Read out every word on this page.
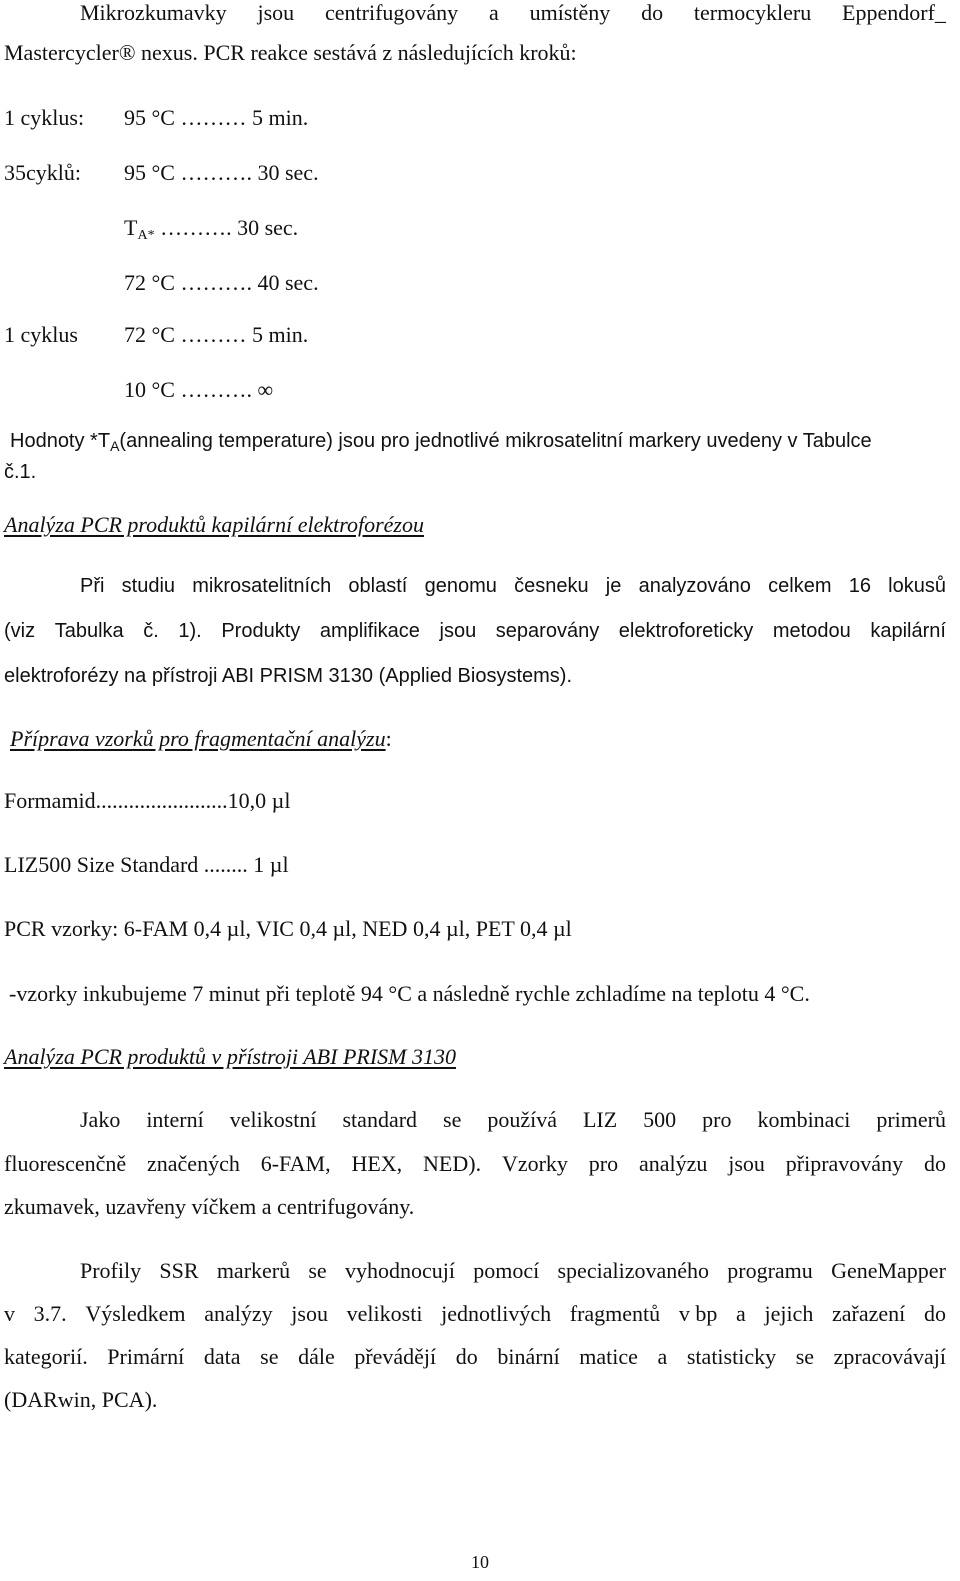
Mikrozkumavky jsou centrifugovány a umístěny do termocykleru Eppendorf_
Mastercycler® nexus. PCR reakce sestává z následujících kroků:
1 cyklus: 95 °C ……… 5 min.
35cyklů: 95 °C ………. 30 sec.
$T_{A*}$ ………. 30 sec.
72 °C ………. 40 sec.
1 cyklus 72 °C ……… 5 min.
10 °C ………. ∞
Hodnoty $*T_A(annealing$ temperature) jsou pro jednotlivé mikrosatelitní markery uvedeny v Tabulce
č.1.
Analýza PCR produktů kapilární elektroforézou
Při studiu mikrosatelitních oblastí genomu česneku je analyzováno celkem 16 lokusů
(viz Tabulka č. 1). Produkty amplifikace jsou separovány elektroforeticky metodou kapilární
elektroforézy na přístroji ABI PRISM 3130 (Applied Biosystems).
Příprava vzorků pro fragmentační analýzu:
Formamid........................10,0 µl
LIZ500 Size Standard ........ 1 µl
PCR vzorky: 6-FAM 0,4 µl, VIC 0,4 µl, NED 0,4 µl, PET 0,4 µl
-vzorky inkubujeme 7 minut při teplotě 94 °C a následně rychle zchladíme na teplotu 4 °C.
Analýza PCR produktů v přístroji ABI PRISM 3130
Jako interní velikostní standard se používá LIZ 500 pro kombinaci primerů
fluorescenčně značených 6-FAM, HEX, NED). Vzorky pro analýzu jsou připravovány do
zkumavek, uzavřeny víčkem a centrifugovány.
Profily SSR markerů se vyhodnocují pomocí specializovaného programu GeneMapper
v 3.7. Výsledkem analýzy jsou velikosti jednotlivých fragmentů v bp a jejich zařazení do
kategorií. Primární data se dále převádějí do binární matice a statisticky se zpracovávají
(DARwin, PCA).
10
